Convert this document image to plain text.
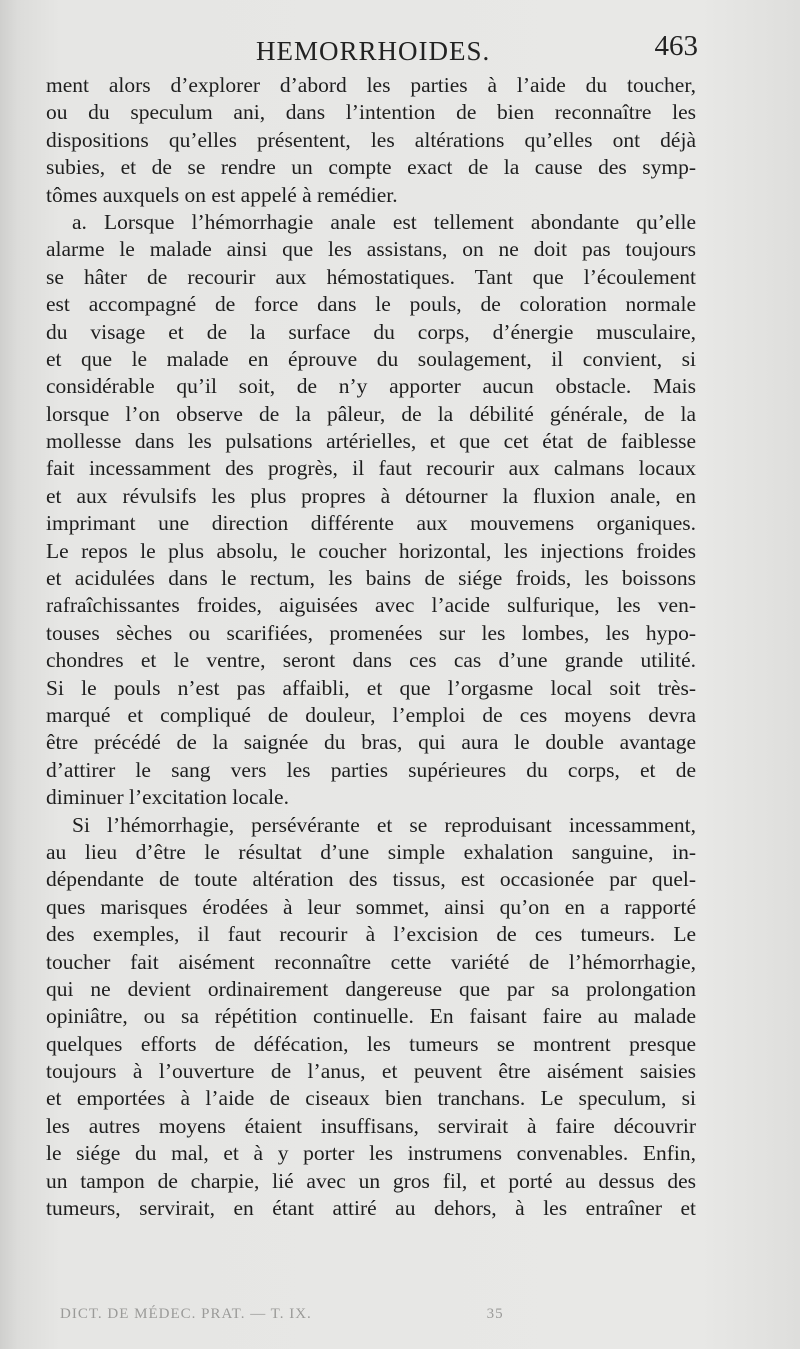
HEMORRHOIDES.	463
ment alors d’explorer d’abord les parties à l’aide du toucher,
ou du speculum ani, dans l’intention de bien reconnaître les
dispositions qu’elles présentent, les altérations qu’elles ont déjà
subies, et de se rendre un compte exact de la cause des symp-
tômes auxquels on est appelé à remédier.
a. Lorsque l’hémorrhagie anale est tellement abondante qu’elle
alarme le malade ainsi que les assistans, on ne doit pas toujours
se hâter de recourir aux hémostatiques. Tant que l’écoulement
est accompagné de force dans le pouls, de coloration normale
du visage et de la surface du corps, d’énergie musculaire,
et que le malade en éprouve du soulagement, il convient, si
considérable qu’il soit, de n’y apporter aucun obstacle. Mais
lorsque l’on observe de la pâleur, de la débilité générale, de la
mollesse dans les pulsations artérielles, et que cet état de faiblesse
fait incessamment des progrès, il faut recourir aux calmans locaux
et aux révulsifs les plus propres à détourner la fluxion anale, en
imprimant une direction différente aux mouvemens organiques.
Le repos le plus absolu, le coucher horizontal, les injections froides
et acidulées dans le rectum, les bains de siége froids, les boissons
rafraîchissantes froides, aiguisées avec l’acide sulfurique, les ven-
touses sèches ou scarifiées, promenées sur les lombes, les hypo-
chondres et le ventre, seront dans ces cas d’une grande utilité.
Si le pouls n’est pas affaibli, et que l’orgasme local soit très-
marqué et compliqué de douleur, l’emploi de ces moyens devra
être précédé de la saignée du bras, qui aura le double avantage
d’attirer le sang vers les parties supérieures du corps, et de
diminuer l’excitation locale.
Si l’hémorrhagie, persévérante et se reproduisant incessamment,
au lieu d’être le résultat d’une simple exhalation sanguine, in-
dépendante de toute altération des tissus, est occasionée par quel-
ques marisques érodées à leur sommet, ainsi qu’on en a rapporté
des exemples, il faut recourir à l’excision de ces tumeurs. Le
toucher fait aisément reconnaître cette variété de l’hémorrhagie,
qui ne devient ordinairement dangereuse que par sa prolongation
opiniâtre, ou sa répétition continuelle. En faisant faire au malade
quelques efforts de défécation, les tumeurs se montrent presque
toujours à l’ouverture de l’anus, et peuvent être aisément saisies
et emportées à l’aide de ciseaux bien tranchans. Le speculum, si
les autres moyens étaient insuffisans, servirait à faire découvrir
le siége du mal, et à y porter les instrumens convenables. Enfin,
un tampon de charpie, lié avec un gros fil, et porté au dessus des
tumeurs, servirait, en étant attiré au dehors, à les entraîner et
DICT. DE MÉDEC. PRAT. — T. IX.	35
